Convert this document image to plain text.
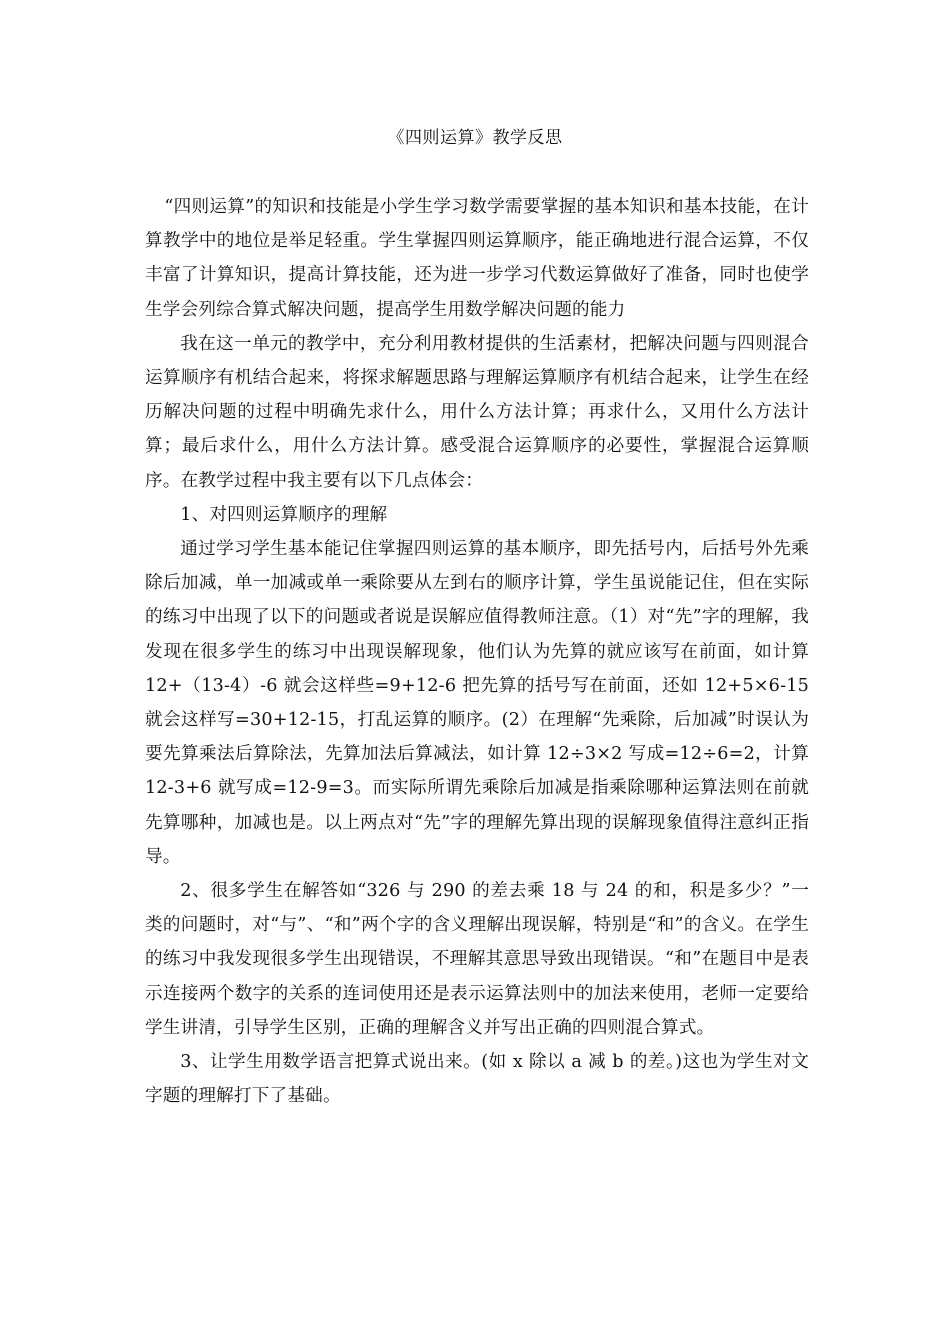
《四则运算》教学反思

“四则运算”的知识和技能是小学生学习数学需要掌握的基本知识和基本技能，在计算教学中的地位是举足轻重。学生掌握四则运算顺序，能正确地进行混合运算，不仅丰富了计算知识，提高计算技能，还为进一步学习代数运算做好了准备，同时也使学生学会列综合算式解决问题，提高学生用数学解决问题的能力

我在这一单元的教学中，充分利用教材提供的生活素材，把解决问题与四则混合运算顺序有机结合起来，将探求解题思路与理解运算顺序有机结合起来，让学生在经历解决问题的过程中明确先求什么，用什么方法计算；再求什么，又用什么方法计算；最后求什么，用什么方法计算。感受混合运算顺序的必要性，掌握混合运算顺序。在教学过程中我主要有以下几点体会：

1、对四则运算顺序的理解

通过学习学生基本能记住掌握四则运算的基本顺序，即先括号内，后括号外先乘除后加减，单一加减或单一乘除要从左到右的顺序计算，学生虽说能记住，但在实际的练习中出现了以下的问题或者说是误解应值得教师注意。（1）对“先”字的理解，我发现在很多学生的练习中出现误解现象，他们认为先算的就应该写在前面，如计算 12+（13-4）-6 就会这样些=9+12-6 把先算的括号写在前面，还如 12+5×6-15 就会这样写=30+12-15，打乱运算的顺序。(2）在理解“先乘除，后加减”时误认为要先算乘法后算除法，先算加法后算减法，如计算 12÷3×2 写成=12÷6=2，计算 12-3+6 就写成=12-9=3。而实际所谓先乘除后加减是指乘除哪种运算法则在前就先算哪种，加减也是。以上两点对“先”字的理解先算出现的误解现象值得注意纠正指导。

2、很多学生在解答如“326 与 290 的差去乘 18 与 24 的和，积是多少？”一类的问题时，对“与”、“和”两个字的含义理解出现误解，特别是“和”的含义。在学生的练习中我发现很多学生出现错误，不理解其意思导致出现错误。“和”在题目中是表示连接两个数字的关系的连词使用还是表示运算法则中的加法来使用，老师一定要给学生讲清，引导学生区别，正确的理解含义并写出正确的四则混合算式。

3、让学生用数学语言把算式说出来。(如 x 除以 a 减 b 的差。)这也为学生对文字题的理解打下了基础。
